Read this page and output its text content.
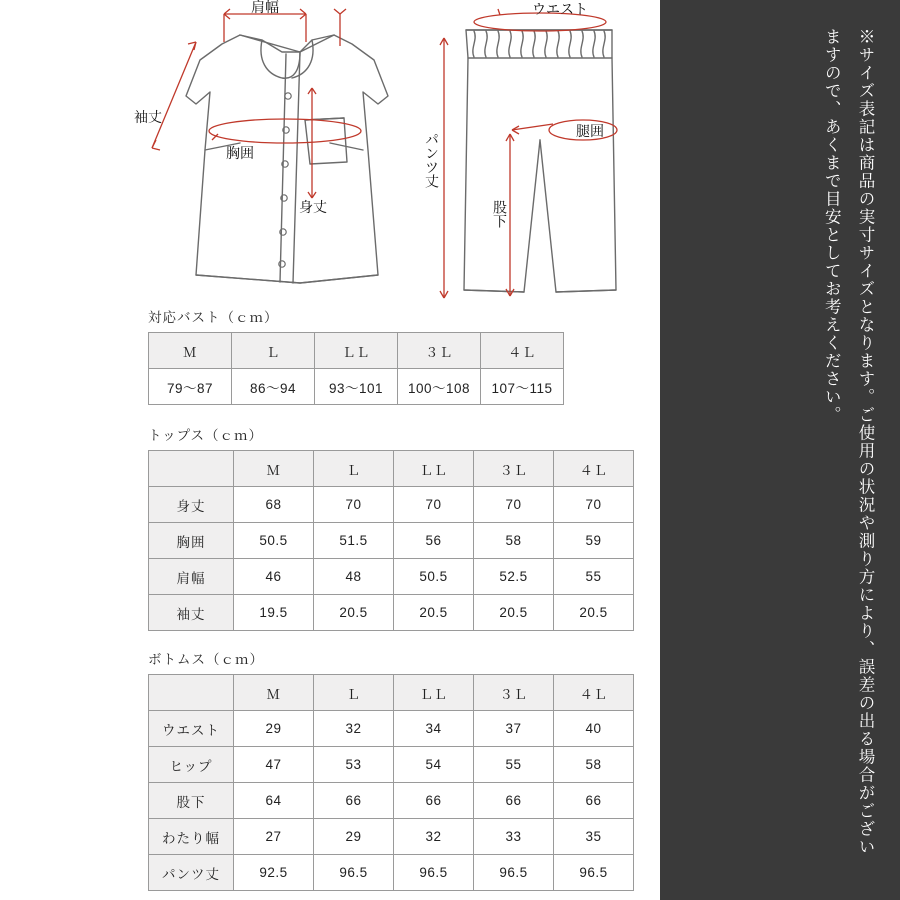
肩幅
袖丈
胸囲
身丈
ウエスト
腿囲
パンツ丈
股下
対応バスト（ｃｍ）
Ｍ	Ｌ	ＬＬ	３Ｌ	４Ｌ
79〜87	86〜94	93〜101	100〜108	107〜115
トップス（ｃｍ）
	Ｍ	Ｌ	ＬＬ	３Ｌ	４Ｌ
身丈	68	70	70	70	70
胸囲	50.5	51.5	56	58	59
肩幅	46	48	50.5	52.5	55
袖丈	19.5	20.5	20.5	20.5	20.5
ボトムス（ｃｍ）
	Ｍ	Ｌ	ＬＬ	３Ｌ	４Ｌ
ウエスト	29	32	34	37	40
ヒップ	47	53	54	55	58
股下	64	66	66	66	66
わたり幅	27	29	32	33	35
パンツ丈	92.5	96.5	96.5	96.5	96.5
※サイズ表記は商品の実寸サイズとなります。ご使用の状況や測り方により、誤差の出る場合がございますので、あくまで目安としてお考えください。
